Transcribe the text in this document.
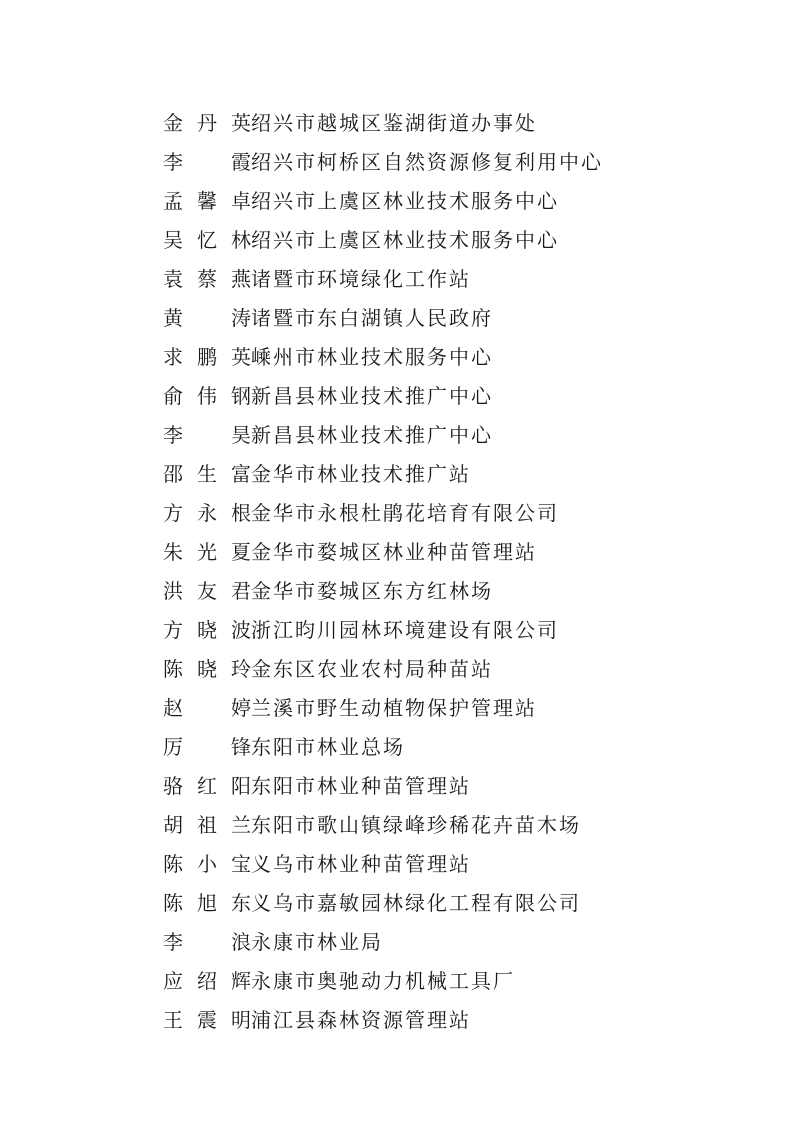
金丹英 绍兴市越城区鉴湖街道办事处
李霞 绍兴市柯桥区自然资源修复利用中心
孟馨卓 绍兴市上虞区林业技术服务中心
吴忆林 绍兴市上虞区林业技术服务中心
袁蔡燕 诸暨市环境绿化工作站
黄涛 诸暨市东白湖镇人民政府
求鹏英 嵊州市林业技术服务中心
俞伟钢 新昌县林业技术推广中心
李昊 新昌县林业技术推广中心
邵生富 金华市林业技术推广站
方永根 金华市永根杜鹃花培育有限公司
朱光夏 金华市婺城区林业种苗管理站
洪友君 金华市婺城区东方红林场
方晓波 浙江昀川园林环境建设有限公司
陈晓玲 金东区农业农村局种苗站
赵婷 兰溪市野生动植物保护管理站
厉锋 东阳市林业总场
骆红阳 东阳市林业种苗管理站
胡祖兰 东阳市歌山镇绿峰珍稀花卉苗木场
陈小宝 义乌市林业种苗管理站
陈旭东 义乌市嘉敏园林绿化工程有限公司
李浪 永康市林业局
应绍辉 永康市奥驰动力机械工具厂
王震明 浦江县森林资源管理站
